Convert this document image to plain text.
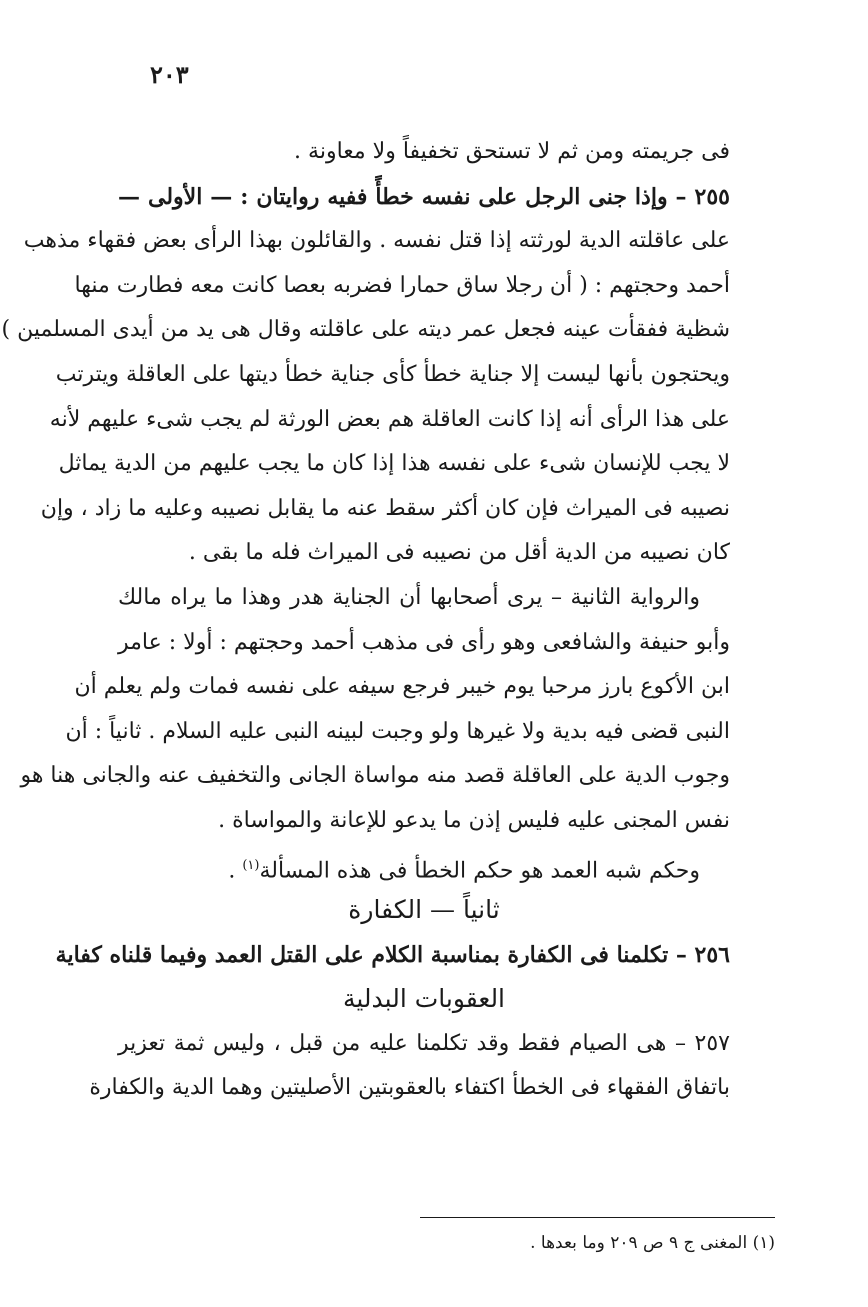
٢٠٣
فى جريمته ومن ثم لا تستحق تخفيفاً ولا معاونة .
٢٥٥ – وإذا جنى الرجل على نفسه خطأً ففيه روايتان : — الأولى —
على عاقلته الدية لورثته إذا قتل نفسه . والقائلون بهذا الرأى بعض فقهاء مذهب
أحمد وحجتهم : ( أن رجلا ساق حمارا فضربه بعصا كانت معه فطارت منها
شظية ففقأت عينه فجعل عمر ديته على عاقلته وقال هى يد من أيدى المسلمين )
ويحتجون بأنها ليست إلا جناية خطأ كأى جناية خطأ ديتها على العاقلة ويترتب
على هذا الرأى أنه إذا كانت العاقلة هم بعض الورثة لم يجب شىء عليهم لأنه
لا يجب للإنسان شىء على نفسه هذا إذا كان ما يجب عليهم من الدية يماثل
نصيبه فى الميراث فإن كان أكثر سقط عنه ما يقابل نصيبه وعليه ما زاد ، وإن
كان نصيبه من الدية أقل من نصيبه فى الميراث فله ما بقى .
والرواية الثانية – يرى أصحابها أن الجناية هدر وهذا ما يراه مالك
وأبو حنيفة والشافعى وهو رأى فى مذهب أحمد وحجتهم : أولا : عامر
ابن الأكوع بارز مرحبا يوم خيبر فرجع سيفه على نفسه فمات ولم يعلم أن
النبى قضى فيه بدية ولا غيرها ولو وجبت لبينه النبى عليه السلام . ثانياً : أن
وجوب الدية على العاقلة قصد منه مواساة الجانى والتخفيف عنه والجانى هنا هو
نفس المجنى عليه فليس إذن ما يدعو للإعانة والمواساة .
وحكم شبه العمد هو حكم الخطأ فى هذه المسألة$^{(١)}$ .
ثانياً — الكفارة
٢٥٦ – تكلمنا فى الكفارة بمناسبة الكلام على القتل العمد وفيما قلناه كفاية
العقوبات البدلية
٢٥٧ – هى الصيام فقط وقد تكلمنا عليه من قبل ، وليس ثمة تعزير
باتفاق الفقهاء فى الخطأ اكتفاء بالعقوبتين الأصليتين وهما الدية والكفارة
(١) المغنى ج ٩ ص ٢٠٩ وما بعدها .
